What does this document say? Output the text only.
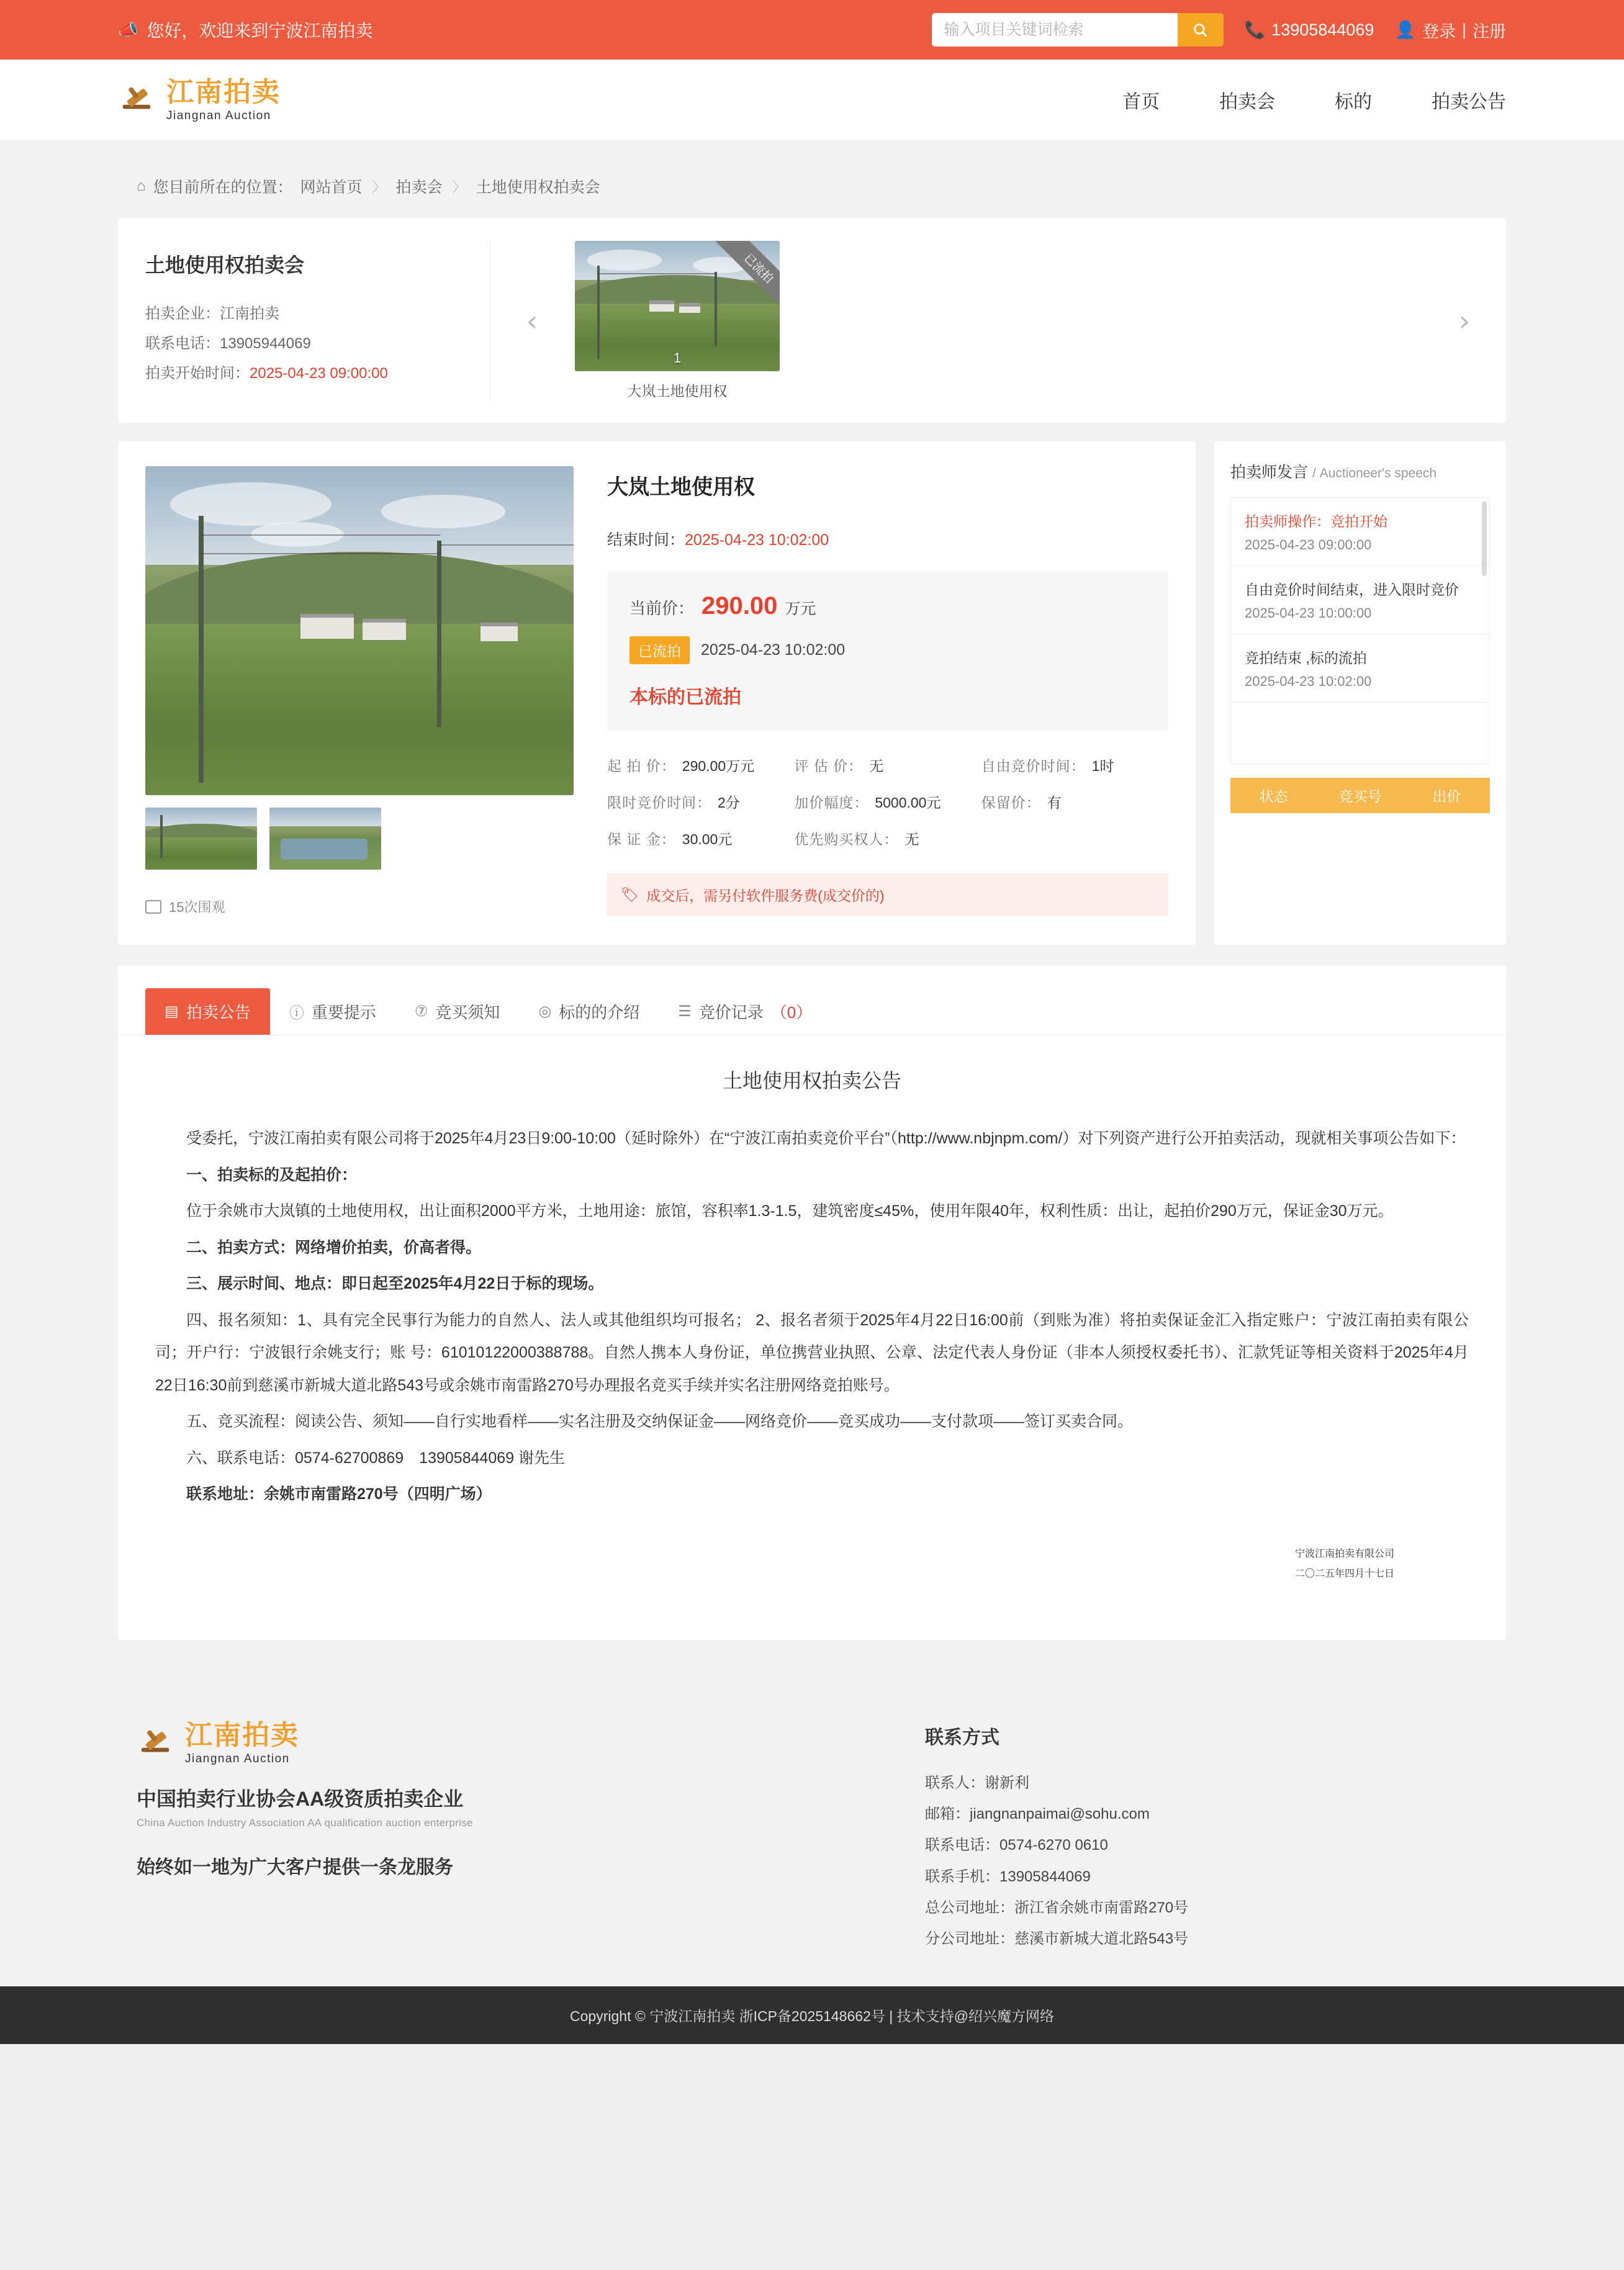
📣 您好，欢迎来到宁波江南拍卖
输入项目关键词检索	📞 13905844069 👤 登录 | 注册
江南拍卖
Jiangnan Auction
首页	拍卖会	标的	拍卖公告
⌂ 您目前所在的位置： 网站首页 〉 拍卖会 〉 土地使用权拍卖会
土地使用权拍卖会
拍卖企业：江南拍卖
联系电话：13905944069
拍卖开始时间：2025-04-23 09:00:00
‹
已流拍
1
大岚土地使用权
›
15次围观
大岚土地使用权
结束时间：2025-04-23 10:02:00
当前价： 290.00 万元
已流拍	2025-04-23 10:02:00
本标的已流拍
起 拍 价： 290.00万元	评 估 价： 无	自由竞价时间： 1时
限时竞价时间： 2分	加价幅度： 5000.00元	保留价： 有
保 证 金： 30.00元	优先购买权人： 无
🏷 成交后，需另付软件服务费(成交价的)
拍卖师发言 / Auctioneer's speech
拍卖师操作：竞拍开始
2025-04-23 09:00:00
自由竞价时间结束，进入限时竞价
2025-04-23 10:00:00
竞拍结束 ,标的流拍
2025-04-23 10:02:00
状态	竞买号	出价
▤ 拍卖公告	ⓘ 重要提示	⑦ 竞买须知	◎ 标的的介绍	☰ 竞价记录 （0）
土地使用权拍卖公告

受委托，宁波江南拍卖有限公司将于2025年4月23日9:00-10:00（延时除外）在“宁波江南拍卖竞价平台”（http://www.nbjnpm.com/）对下列资产进行公开拍卖活动，现就相关事项公告如下：

一、拍卖标的及起拍价：

位于余姚市大岚镇的土地使用权，出让面积2000平方米，土地用途：旅馆，容积率1.3-1.5，建筑密度≤45%，使用年限40年，权利性质：出让，起拍价290万元，保证金30万元。

二、拍卖方式：网络增价拍卖，价高者得。

三、展示时间、地点：即日起至2025年4月22日于标的现场。

四、报名须知：1、具有完全民事行为能力的自然人、法人或其他组织均可报名； 2、报名者须于2025年4月22日16:00前（到账为准）将拍卖保证金汇入指定账户：宁波江南拍卖有限公司；开户行：宁波银行余姚支行；账 号：61010122000388788。自然人携本人身份证，单位携营业执照、公章、法定代表人身份证（非本人须授权委托书）、汇款凭证等相关资料于2025年4月22日16:30前到慈溪市新城大道北路543号或余姚市南雷路270号办理报名竞买手续并实名注册网络竞拍账号。

五、竞买流程：阅读公告、须知——自行实地看样——实名注册及交纳保证金——网络竞价——竞买成功——支付款项——签订买卖合同。

六、联系电话：0574-62700869　13905844069 谢先生

联系地址：余姚市南雷路270号（四明广场）

宁波江南拍卖有限公司
二〇二五年四月十七日
江南拍卖
Jiangnan Auction
中国拍卖行业协会AA级资质拍卖企业
China Auction Industry Association AA qualification auction enterprise
始终如一地为广大客户提供一条龙服务
联系方式
联系人：谢新利
邮箱：jiangnanpaimai@sohu.com
联系电话：0574-6270 0610
联系手机：13905844069
总公司地址：浙江省余姚市南雷路270号
分公司地址：慈溪市新城大道北路543号
Copyright © 宁波江南拍卖 浙ICP备2025148662号 | 技术支持@绍兴魔方网络
